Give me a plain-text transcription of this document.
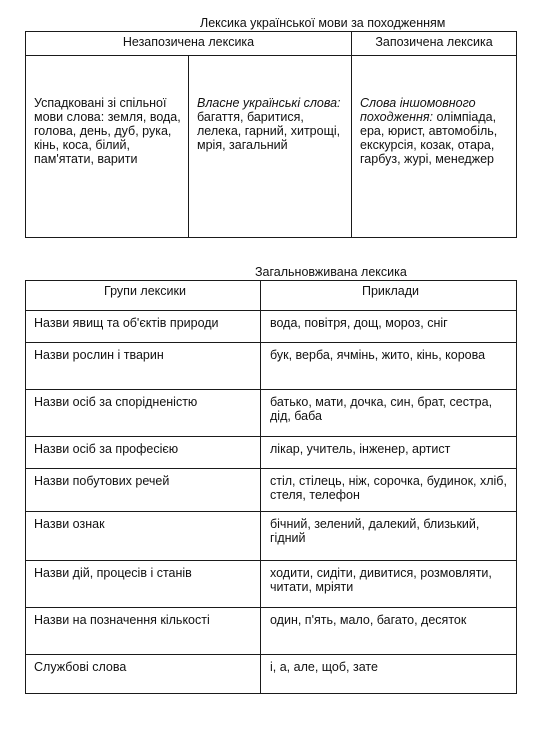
Лексика української мови за походженням
Незапозичена лексика		Запозичена лексика
Успадковані зі спільної мови слова: земля, вода, голова, день, дуб, рука, кінь, коса, білий, пам'ятати, варити	Власне українські слова: багаття, баритися, лелека, гарний, хитрощі, мрія, загальний	Слова іншомовного походження: олімпіада, ера, юрист, автомобіль, екскурсія, козак, отара, гарбуз, журі, менеджер
Загальновживана лексика
Групи лексики	Приклади
Назви явищ та об'єктів природи	вода, повітря, дощ, мороз, сніг
Назви рослин і тварин	бук, верба, ячмінь, жито, кінь, корова
Назви осіб за спорідненістю	батько, мати, дочка, син, брат, сестра, дід, баба
Назви осіб за професією	лікар, учитель, інженер, артист
Назви побутових речей	стіл, стілець, ніж, сорочка, будинок, хліб, стеля, телефон
Назви ознак	бічний, зелений, далекий, близький, гідний
Назви дій, процесів і станів	ходити, сидіти, дивитися, розмовляти, читати, мріяти
Назви на позначення кількості	один, п'ять, мало, багато, десяток
Службові слова	і, а, але, щоб, зате
